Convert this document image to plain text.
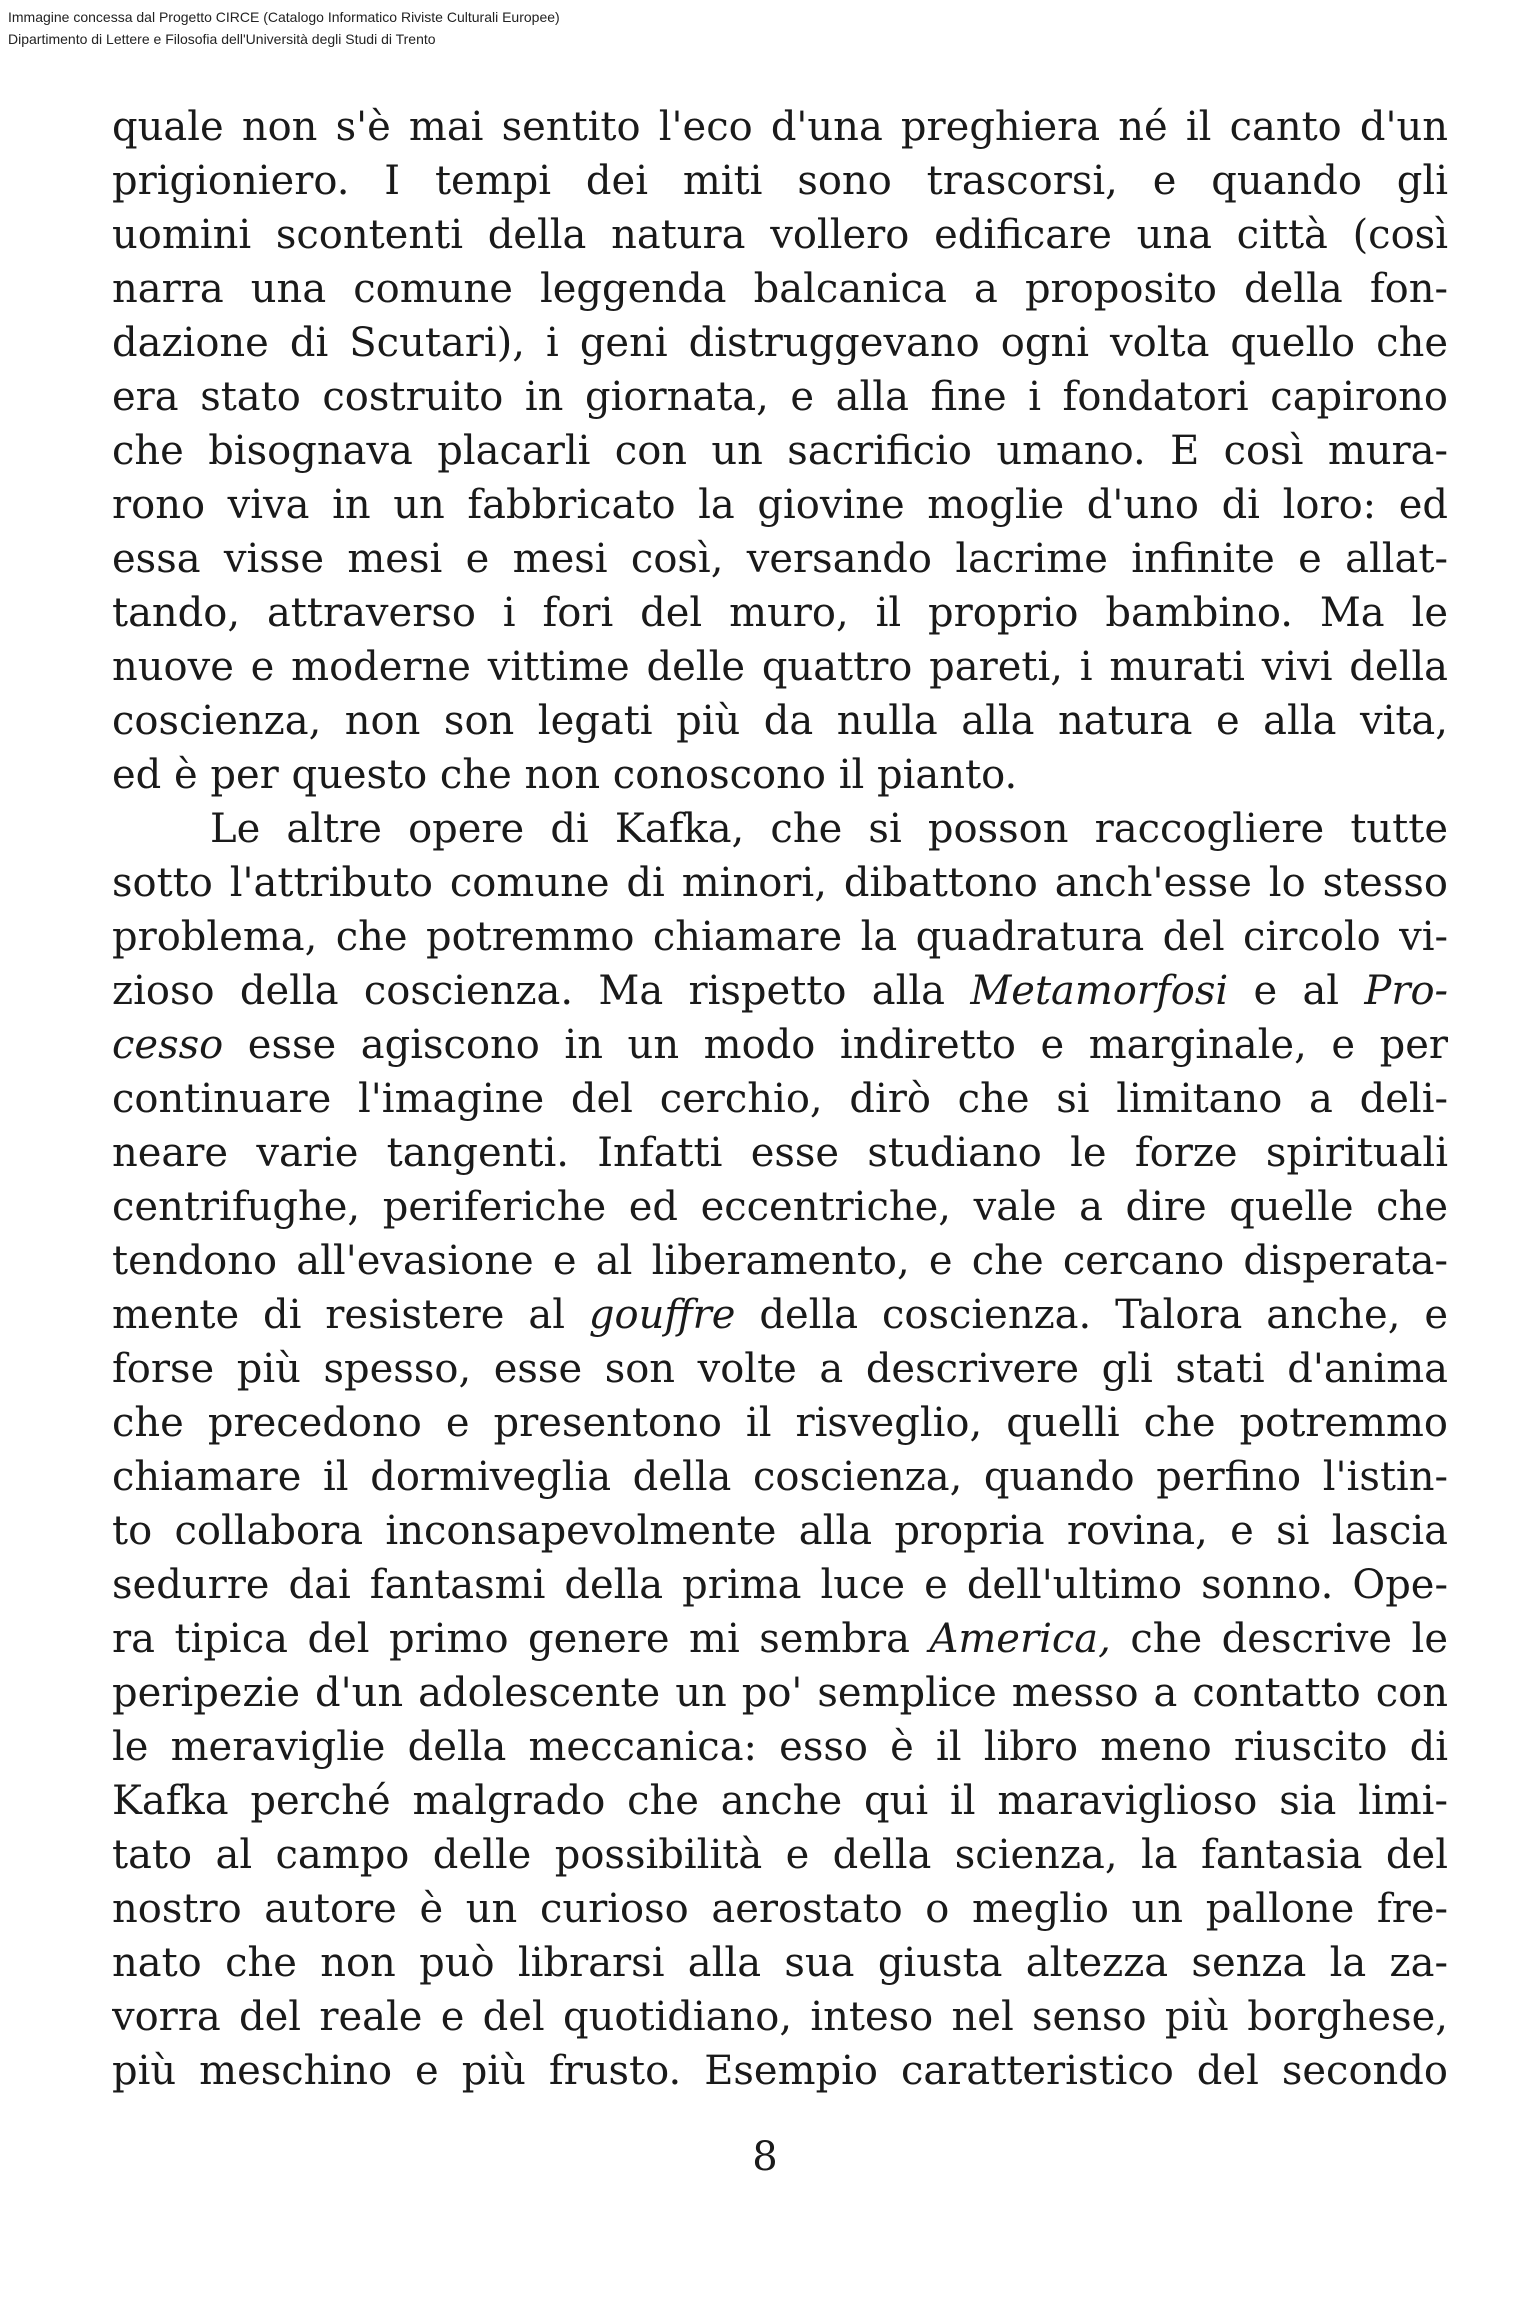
Immagine concessa dal Progetto CIRCE (Catalogo Informatico Riviste Culturali Europee)
Dipartimento di Lettere e Filosofia dell'Università degli Studi di Trento
quale non s'è mai sentito l'eco d'una preghiera né il canto d'un
prigioniero. I tempi dei miti sono trascorsi, e quando gli
uomini scontenti della natura vollero edificare una città (così
narra una comune leggenda balcanica a proposito della fon-
dazione di Scutari), i geni distruggevano ogni volta quello che
era stato costruito in giornata, e alla fine i fondatori capirono
che bisognava placarli con un sacrificio umano. E così mura-
rono viva in un fabbricato la giovine moglie d'uno di loro: ed
essa visse mesi e mesi così, versando lacrime infinite e allat-
tando, attraverso i fori del muro, il proprio bambino. Ma le
nuove e moderne vittime delle quattro pareti, i murati vivi della
coscienza, non son legati più da nulla alla natura e alla vita,
ed è per questo che non conoscono il pianto.
Le altre opere di Kafka, che si posson raccogliere tutte
sotto l'attributo comune di minori, dibattono anch'esse lo stesso
problema, che potremmo chiamare la quadratura del circolo vi-
zioso della coscienza. Ma rispetto alla Metamorfosi e al Pro-
cesso esse agiscono in un modo indiretto e marginale, e per
continuare l'imagine del cerchio, dirò che si limitano a deli-
neare varie tangenti. Infatti esse studiano le forze spirituali
centrifughe, periferiche ed eccentriche, vale a dire quelle che
tendono all'evasione e al liberamento, e che cercano disperata-
mente di resistere al gouffre della coscienza. Talora anche, e
forse più spesso, esse son volte a descrivere gli stati d'anima
che precedono e presentono il risveglio, quelli che potremmo
chiamare il dormiveglia della coscienza, quando perfino l'istin-
to collabora inconsapevolmente alla propria rovina, e si lascia
sedurre dai fantasmi della prima luce e dell'ultimo sonno. Ope-
ra tipica del primo genere mi sembra America, che descrive le
peripezie d'un adolescente un po' semplice messo a contatto con
le meraviglie della meccanica: esso è il libro meno riuscito di
Kafka perché malgrado che anche qui il maraviglioso sia limi-
tato al campo delle possibilità e della scienza, la fantasia del
nostro autore è un curioso aerostato o meglio un pallone fre-
nato che non può librarsi alla sua giusta altezza senza la za-
vorra del reale e del quotidiano, inteso nel senso più borghese,
più meschino e più frusto. Esempio caratteristico del secondo
8
